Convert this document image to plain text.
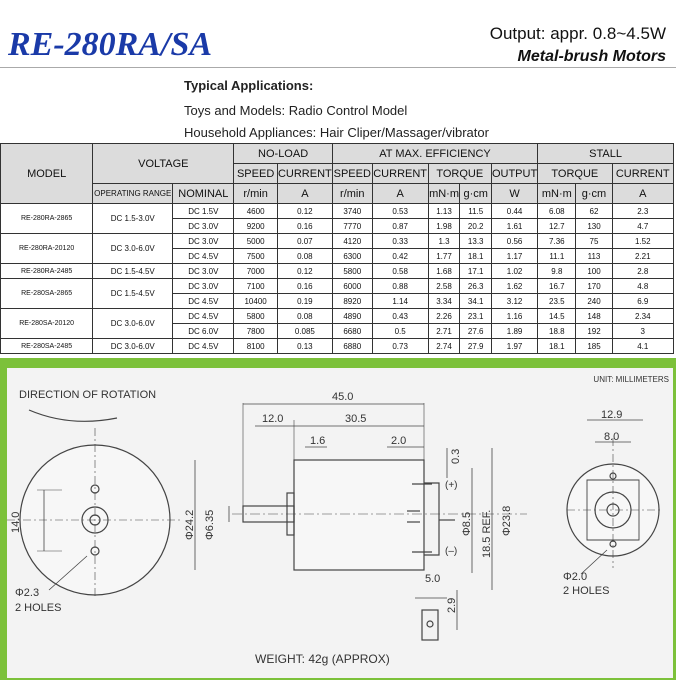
RE-280RA/SA	Output: appr. 0.8~4.5W
Metal-brush Motors
Typical Applications:
Toys and Models: Radio Control Model
Household Appliances: Hair Cliper/Massager/vibrator
MODEL	VOLTAGE		NO-LOAD		AT MAX. EFFICIENCY					STALL		
			SPEED	CURRENT	SPEED	CURRENT	TORQUE		OUTPUT	TORQUE		CURRENT
	OPERATING RANGE	NOMINAL	r/min	A	r/min	A	mN·m	g·cm	W	mN·m	g·cm	A
RE-280RA-2865	DC 1.5-3.0V	DC 1.5V	4600	0.12	3740	0.53	1.13	11.5	0.44	6.08	62	2.3
		DC 3.0V	9200	0.16	7770	0.87	1.98	20.2	1.61	12.7	130	4.7
RE-280RA-20120	DC 3.0-6.0V	DC 3.0V	5000	0.07	4120	0.33	1.3	13.3	0.56	7.36	75	1.52
		DC 4.5V	7500	0.08	6300	0.42	1.77	18.1	1.17	11.1	113	2.21
RE-280RA-2485	DC 1.5-4.5V	DC 3.0V	7000	0.12	5800	0.58	1.68	17.1	1.02	9.8	100	2.8
RE-280SA-2865	DC 1.5-4.5V	DC 3.0V	7100	0.16	6000	0.88	2.58	26.3	1.62	16.7	170	4.8
		DC 4.5V	10400	0.19	8920	1.14	3.34	34.1	3.12	23.5	240	6.9
RE-280SA-20120	DC 3.0-6.0V	DC 4.5V	5800	0.08	4890	0.43	2.26	23.1	1.16	14.5	148	2.34
		DC 6.0V	7800	0.085	6680	0.5	2.71	27.6	1.89	18.8	192	3
RE-280SA-2485	DC 3.0-6.0V	DC 4.5V	8100	0.13	6880	0.73	2.74	27.9	1.97	18.1	185	4.1
UNIT: MILLIMETERS
DIRECTION OF ROTATION	45.0
12.0	30.5
1.6	2.0
0.3
14.0	Φ24.2 Φ6.35
(+)
(–)
Φ8.5 18.5 REF. Φ23.8
Φ2.3
2 HOLES
5.0
2.9
12.9
8.0
Φ2.0
2 HOLES
WEIGHT: 42g (APPROX)
